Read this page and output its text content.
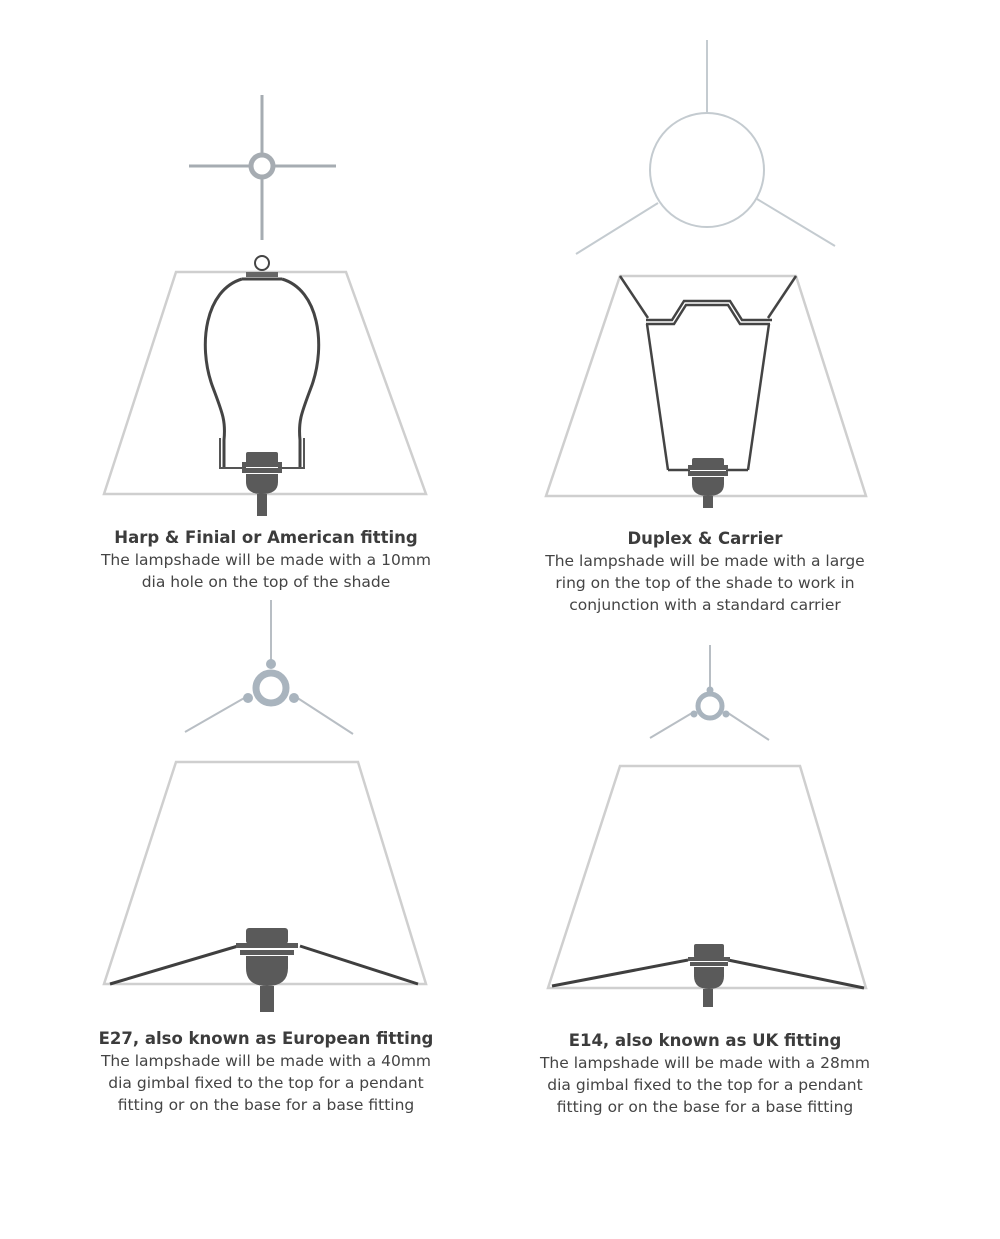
Harp & Finial or American fitting
The lampshade will be made with a 10mm
dia hole on the top of the shade
Duplex & Carrier
The lampshade will be made with a large
ring on the top of the shade to work in
conjunction with a standard carrier
E27, also known as European fitting
The lampshade will be made with a 40mm
dia gimbal fixed to the top for a pendant
fitting or on the base for a base fitting
E14, also known as UK fitting
The lampshade will be made with a 28mm
dia gimbal fixed to the top for a pendant
fitting or on the base for a base fitting
